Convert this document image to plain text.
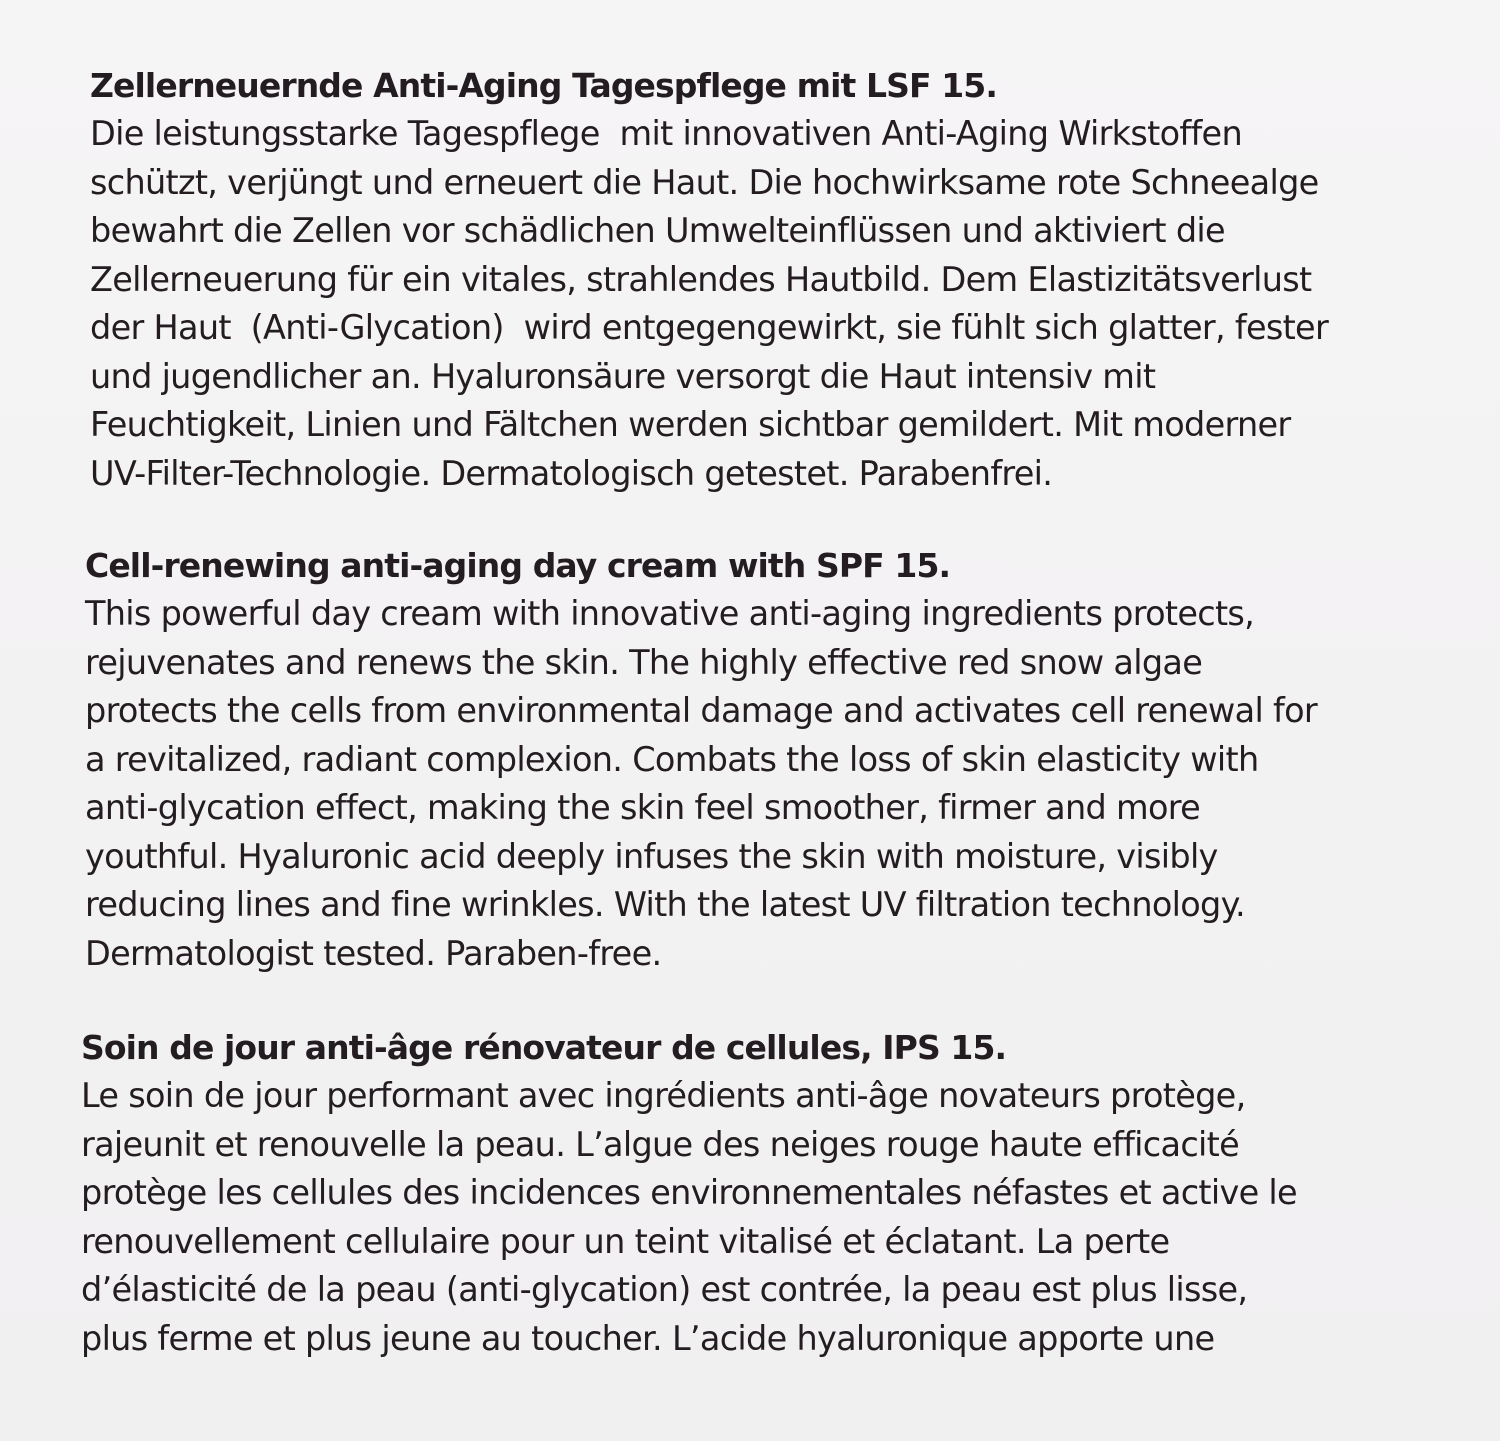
Zellerneuernde Anti-Aging Tagespflege mit LSF 15.

Die leistungsstarke Tagespflege  mit innovativen Anti-Aging Wirkstoffen

schützt, verjüngt und erneuert die Haut. Die hochwirksame rote Schneealge

bewahrt die Zellen vor schädlichen Umwelteinflüssen und aktiviert die

Zellerneuerung für ein vitales, strahlendes Hautbild. Dem Elastizitätsverlust

der Haut  (Anti-Glycation)  wird entgegengewirkt, sie fühlt sich glatter, fester

und jugendlicher an. Hyaluronsäure versorgt die Haut intensiv mit

Feuchtigkeit, Linien und Fältchen werden sichtbar gemildert. Mit moderner

UV-Filter-Technologie. Dermatologisch getestet. Parabenfrei.

Cell-renewing anti-aging day cream with SPF 15.

This powerful day cream with innovative anti-aging ingredients protects,

rejuvenates and renews the skin. The highly effective red snow algae

protects the cells from environmental damage and activates cell renewal for

a revitalized, radiant complexion. Combats the loss of skin elasticity with

anti-glycation effect, making the skin feel smoother, firmer and more

youthful. Hyaluronic acid deeply infuses the skin with moisture, visibly

reducing lines and fine wrinkles. With the latest UV filtration technology.

Dermatologist tested. Paraben-free.

Soin de jour anti-âge rénovateur de cellules, IPS 15.

Le soin de jour performant avec ingrédients anti-âge novateurs protège,

rajeunit et renouvelle la peau. L’algue des neiges rouge haute efficacité

protège les cellules des incidences environnementales néfastes et active le

renouvellement cellulaire pour un teint vitalisé et éclatant. La perte

d’élasticité de la peau (anti-glycation) est contrée, la peau est plus lisse,

plus ferme et plus jeune au toucher. L’acide hyaluronique apporte une
